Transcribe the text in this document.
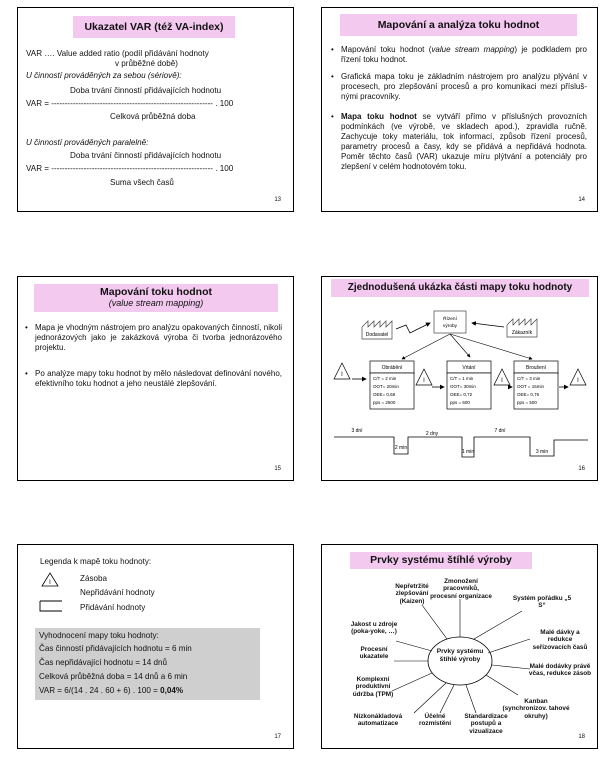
Ukazatel VAR (též VA-index)
VAR …. Value added ratio (podíl přidávání hodnoty
v průběžné době)
U činností prováděných za sebou (sériově):
Doba trvání činností přidávajících hodnotu
VAR = ------------------------------------------------------------ . 100
Celková průběžná doba
U činností prováděných paralelně:
Doba trvání činností přidávajících hodnotu
VAR = ------------------------------------------------------------ . 100
Suma všech časů
13
Mapování a analýza toku hodnot
• Mapování toku hodnot (value stream mapping) je podkladem pro řízení toku hodnot.
• Grafická mapa toku je základním nástrojem pro analýzu plývání v procesech, pro zlepšování procesů a pro komunikaci mezi příslušnými pracovníky.
• Mapa toku hodnot se vytváří přímo v příslušných provozních podmínkách (ve výrobě, ve skladech apod.), zpravidla ručně. Zachycuje toky materiálu, tok informací, způsob řízení procesů, parametry procesů a časy, kdy se přidává a nepřidává hodnota. Poměr těchto časů (VAR) ukazuje míru plýtvání a potenciály pro zlepšení v celém hodnotovém toku.
14
Mapování toku hodnot
(value stream mapping)
• Mapa je vhodným nástrojem pro analýzu opakovaných činností, nikoli jednorázových jako je zakázková výroba či tvorba jednorázového projektu.
• Po analýze mapy toku hodnot by mělo následovat definování nového, efektivního toku hodnot a jeho neustálé zlepšování.
15
Zjednodušená ukázka části mapy toku hodnoty
Dodavatel
Řízení
výroby
Zákazník
Obrábění
C/T = 2 min
OOT= 20min
OEE= 0,68
pps = 2500
Vrtání
C/T = 1 min
OOT= 30min
OEE= 0,72
pps = 600
Broušení
C/T = 3 min
OOT = 15min
OEE= 0,76
pps = 500
I
I	I	I
3 dní	2 dny	7 dní
2 min
1 min	3 min
16
Legenda k mapě toku hodnoty:
I	Zásoba
Nepřidávání hodnoty
Přidávání hodnoty
Vyhodnocení mapy toku hodnoty:
Čas činností přidávajících hodnotu = 6 min
Čas nepřidávající hodnotu = 14 dnů
Celková průběžná doba = 14 dnů a 6 min
VAR = 6/(14 . 24 . 60 + 6) . 100 = 0,04%
17
Prvky systému štíhlé výroby
Prvky systému štíhlé výroby
Zmonožení pracovníků, procesní organizace
Nepřetržité zlepšování (Kaizen)	Systém pořádku „5 S“
Jakost u zdroje (poka-yoke, …)	Malé dávky a redukce seřizovacích časů
Procesní ukazatele
Malé dodávky právě včas, redukce zásob
Komplexní produktivní údržba (TPM)
Kanban (synchronizov. tahové okruhy)
Nízkonákladová automatizace
Účelné rozmístění
Standardizace postupů a vizualizace
18
